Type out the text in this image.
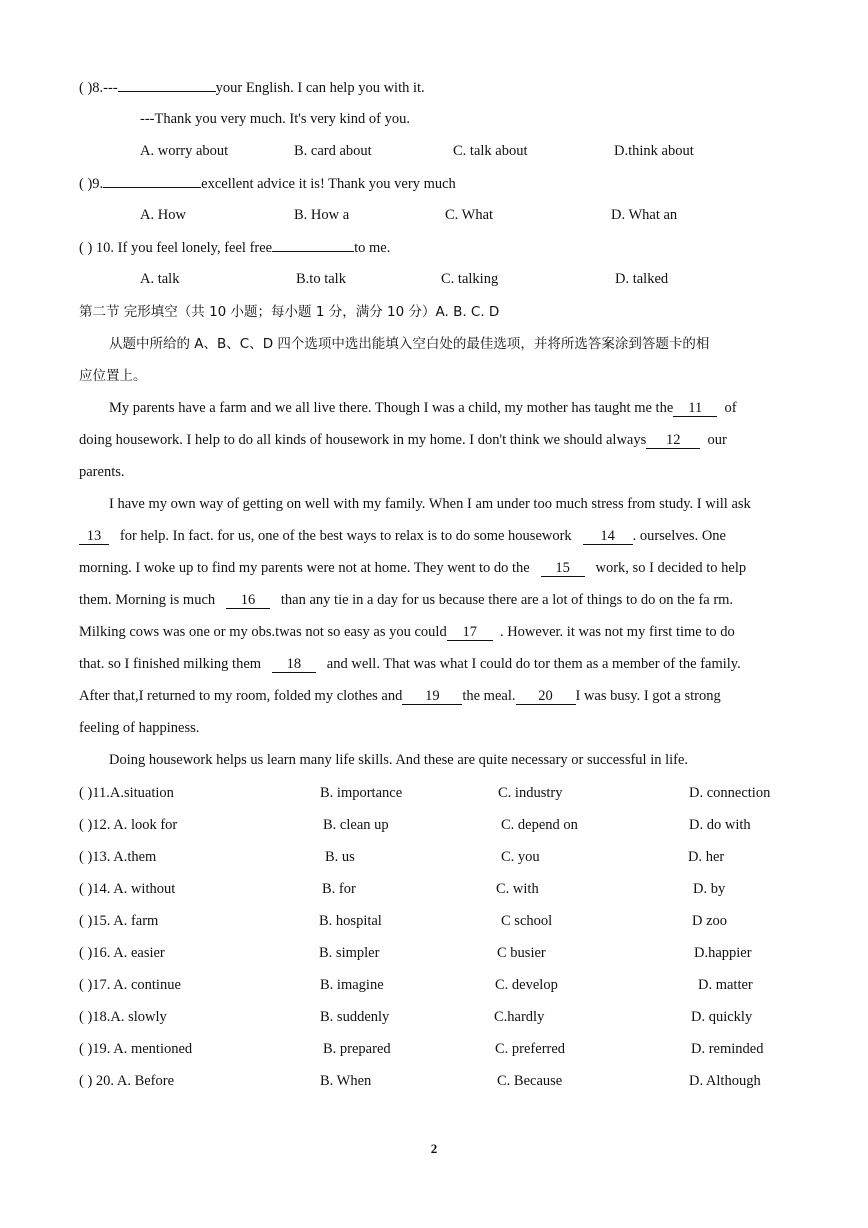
( )8.---	your English. I can help you with it.
---Thank you very much. It's very kind of you.
A. worry about	B. card about	C. talk about	D.think about
( )9.	excellent advice it is! Thank you very much
A. How	B. How a	C. What	D. What an
( ) 10. If you feel lonely, feel free	to me.
A. talk	B.to talk	C. talking	D. talked
第二节 完形填空（共 10 小题；每小题 1 分，满分 10 分）A. B. C. D
从题中所给的 A、B、C、D 四个选项中选出能填入空白处的最佳选项，并将所选答案涂到答题卡的相
应位置上。
My parents have a farm and we all live there. Though I was a child, my mother has taught me the 11 of
doing housework. I help to do all kinds of housework in my home. I don't think we should always 12 our
parents.
I have my own way of getting on well with my family. When I am under too much stress from study. I will ask
13 for help. In fact. for us, one of the best ways to relax is to do some housework 14 . ourselves. One
morning. I woke up to find my parents were not at home. They went to do the 15 work, so I decided to help
them. Morning is much 16 than any tie in a day for us because there are a lot of things to do on the fa rm.
Milking cows was one or my obs.twas not so easy as you could 17 . However. it was not my first time to do
that. so I finished milking them 18 and well. That was what I could do tor them as a member of the family.
After that,I returned to my room, folded my clothes and 19 the meal. 20 I was busy. I got a strong
feeling of happiness.
Doing housework helps us learn many life skills. And these are quite necessary or successful in life.
( )11.A.situation	B. importance	C. industry	D. connection
( )12. A. look for	B. clean up	C. depend on	D. do with
( )13. A.them	B. us	C. you	D. her
( )14. A. without	B. for	C. with	D. by
( )15. A. farm	B. hospital	C school	D zoo
( )16. A. easier	B. simpler	C busier	D.happier
( )17. A. continue	B. imagine	C. develop	D. matter
( )18.A. slowly	B. suddenly	C.hardly	D. quickly
( )19. A. mentioned	B. prepared	C. preferred	D. reminded
( ) 20. A. Before	B. When	C. Because	D. Although
2
